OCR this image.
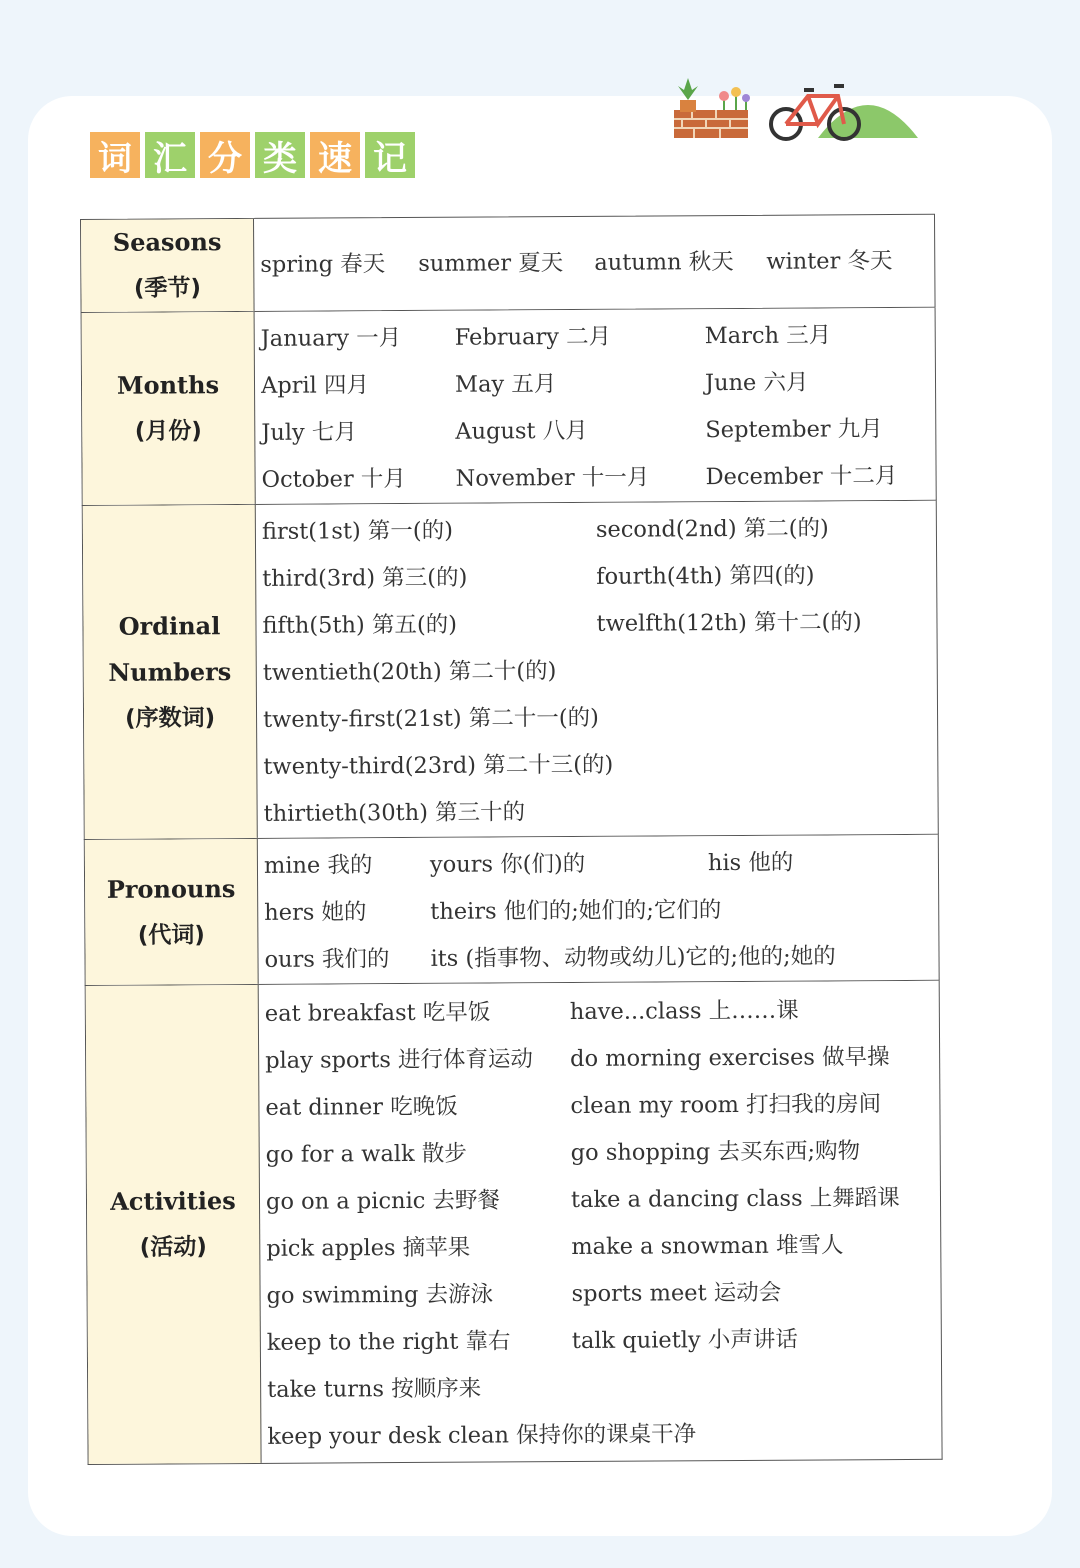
词 汇 分 类 速 记
Seasons
(季节)
spring 春天	summer 夏天	autumn 秋天	winter 冬天
Months
(月份)
January 一月	February 二月	March 三月
April 四月	May 五月	June 六月
July 七月	August 八月	September 九月
October 十月	November 十一月	December 十二月
Ordinal Numbers
(序数词)
first(1st) 第一(的)	second(2nd) 第二(的)
third(3rd) 第三(的)	fourth(4th) 第四(的)
fifth(5th) 第五(的)	twelfth(12th) 第十二(的)
twentieth(20th) 第二十(的)
twenty-first(21st) 第二十一(的)
twenty-third(23rd) 第二十三(的)
thirtieth(30th) 第三十的
Pronouns
(代词)
mine 我的	yours 你(们)的	his 他的
hers 她的	theirs 他们的;她们的;它们的
ours 我们的	its (指事物、动物或幼儿)它的;他的;她的
Activities
(活动)
eat breakfast 吃早饭	have...class 上……课
play sports 进行体育运动	do morning exercises 做早操
eat dinner 吃晚饭	clean my room 打扫我的房间
go for a walk 散步	go shopping 去买东西;购物
go on a picnic 去野餐	take a dancing class 上舞蹈课
pick apples 摘苹果	make a snowman 堆雪人
go swimming 去游泳	sports meet 运动会
keep to the right 靠右	talk quietly 小声讲话
take turns 按顺序来
keep your desk clean 保持你的课桌干净
